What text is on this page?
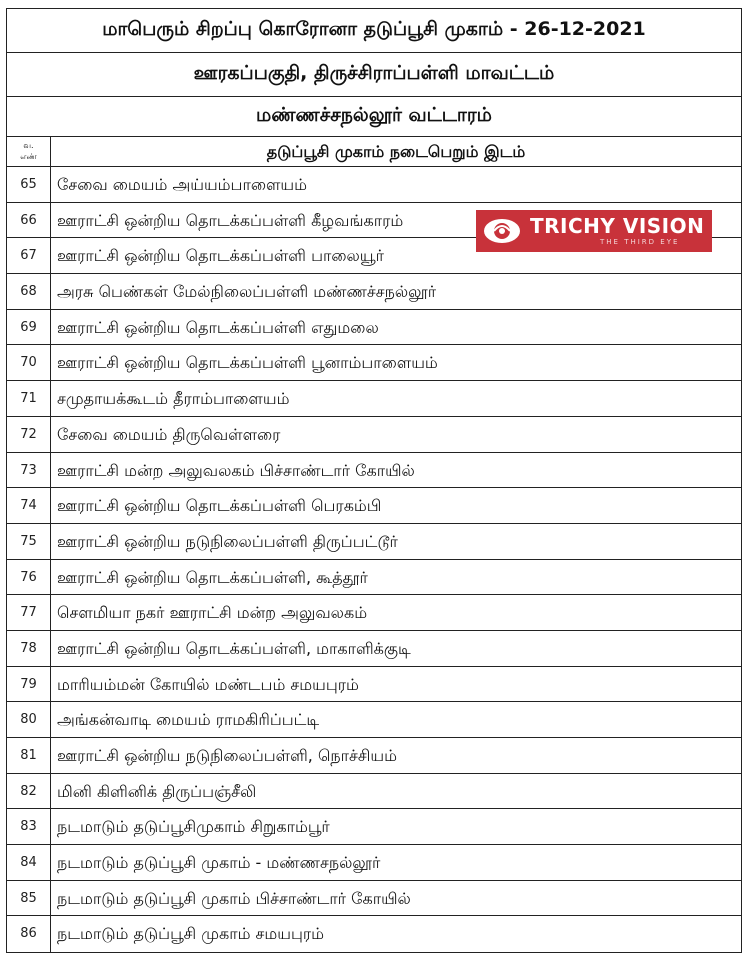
மாபெரும் சிறப்பு கொரோனா தடுப்பூசி முகாம் - 26-12-2021
ஊரகப்பகுதி, திருச்சிராப்பள்ளி மாவட்டம்
மண்ணச்சநல்லூர் வட்டாரம்
வ.
எண்	தடுப்பூசி முகாம் நடைபெறும் இடம்
65	சேவை மையம் அய்யம்பாளையம்
66	ஊராட்சி ஒன்றிய தொடக்கப்பள்ளி கீழவங்காரம்
67	ஊராட்சி ஒன்றிய தொடக்கப்பள்ளி பாலையூர்
68	அரசு பெண்கள் மேல்நிலைப்பள்ளி மண்ணச்சநல்லூர்
69	ஊராட்சி ஒன்றிய தொடக்கப்பள்ளி எதுமலை
70	ஊராட்சி ஒன்றிய தொடக்கப்பள்ளி பூனாம்பாளையம்
71	சமுதாயக்கூடம் தீராம்பாளையம்
72	சேவை மையம் திருவெள்ளரை
73	ஊராட்சி மன்ற அலுவலகம் பிச்சாண்டார் கோயில்
74	ஊராட்சி ஒன்றிய தொடக்கப்பள்ளி பெரகம்பி
75	ஊராட்சி ஒன்றிய நடுநிலைப்பள்ளி திருப்பட்டூர்
76	ஊராட்சி ஒன்றிய தொடக்கப்பள்ளி, கூத்தூர்
77	சௌமியா நகர் ஊராட்சி மன்ற அலுவலகம்
78	ஊராட்சி ஒன்றிய தொடக்கப்பள்ளி, மாகாளிக்குடி
79	மாரியம்மன் கோயில் மண்டபம் சமயபுரம்
80	அங்கன்வாடி மையம் ராமகிரிப்பட்டி
81	ஊராட்சி ஒன்றிய நடுநிலைப்பள்ளி, நொச்சியம்
82	மினி கிளினிக் திருப்பஞ்சீலி
83	நடமாடும் தடுப்பூசிமுகாம் சிறுகாம்பூர்
84	நடமாடும் தடுப்பூசி முகாம் - மண்ணசநல்லூர்
85	நடமாடும் தடுப்பூசி முகாம் பிச்சாண்டார் கோயில்
86	நடமாடும் தடுப்பூசி முகாம் சமயபுரம்
TRICHY VISION
THE THIRD EYE
